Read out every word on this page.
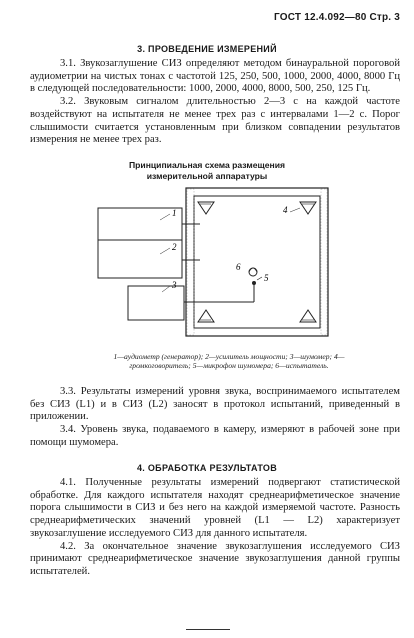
ГОСТ 12.4.092—80 Стр. 3
3. ПРОВЕДЕНИЕ ИЗМЕРЕНИЙ

3.1. Звукозаглушение СИЗ определяют методом бинауральной пороговой аудиометрии на чистых тонах с частотой 125, 250, 500, 1000, 2000, 4000, 8000 Гц в следующей последовательности: 1000, 2000, 4000, 8000, 500, 250, 125 Гц.

3.2. Звуковым сигналом длительностью 2—3 с на каждой частоте воздействуют на испытателя не менее трех раз с интервалами 1—2 с. Порог слышимости считается установленным при близком совпадении результатов измерения не менее трех раз.

Принципиальная схема размещения
измерительной аппаратуры
1
2
3
4
5
6
1—аудиометр (генератор); 2—усилитель мощности; 3—шумомер; 4—громкоговоритель; 5—микрофон шумомера; 6—испытатель.

3.3. Результаты измерений уровня звука, воспринимаемого испытателем без СИЗ (L1) и в СИЗ (L2) заносят в протокол испытаний, приведенный в приложении.

3.4. Уровень звука, подаваемого в камеру, измеряют в рабочей зоне при помощи шумомера.

4. ОБРАБОТКА РЕЗУЛЬТАТОВ

4.1. Полученные результаты измерений подвергают статистической обработке. Для каждого испытателя находят среднеарифметическое значение порога слышимости в СИЗ и без него на каждой измеряемой частоте. Разность среднеарифметических значений уровней (L1 — L2) характеризует звукозаглушение исследуемого СИЗ для данного испытателя.

4.2. За окончательное значение звукозаглушения исследуемого СИЗ принимают среднеарифметическое значение звукозаглушения данной группы испытателей.
